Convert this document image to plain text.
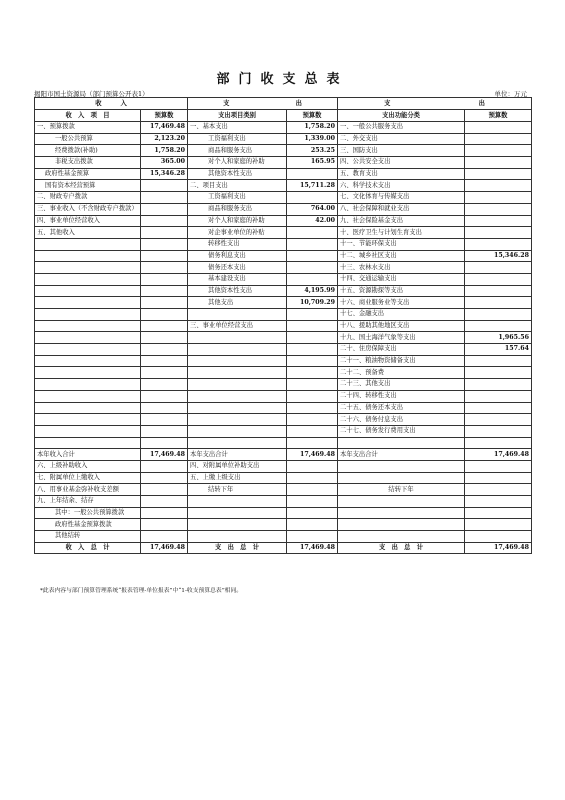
部门收支总表
揭阳市国土资源局（部门预算公开表1）	单位：万元
收　　　入		支 出		支 出	

收　入　项　目	预算数	支出项目类别	预算数	支出功能分类	预算数
一、预算拨款	17,469.48	一、基本支出	1,758.20	一、一般公共服务支出	
一般公共预算	2,123.20	工资福利支出	1,339.00	二、外交支出	
经费拨款(补助)	1,758.20	商品和服务支出	253.25	三、国防支出	
非税支出拨款	365.00	对个人和家庭的补助	165.95	四、公共安全支出	
政府性基金预算	15,346.28	其他资本性支出		五、教育支出	
国有资本经营预算		二、项目支出	15,711.28	六、科学技术支出	
二、财政专户拨款		工资福利支出		七、文化体育与传媒支出	
三、事业收入（不含财政专户拨款）		商品和服务支出	764.00	八、社会保障和就业支出	
四、事业单位经营收入		对个人和家庭的补助	42.00	九、社会保险基金支出	
五、其他收入		对企事业单位的补贴		十、医疗卫生与计划生育支出	
		转移性支出		十一、节能环保支出	
		债务利息支出		十二、城乡社区支出	15,346.28
		债务还本支出		十三、农林水支出	
		基本建设支出		十四、交通运输支出	
		其他资本性支出	4,195.99	十五、资源勘探等支出	
		其他支出	10,709.29	十六、商业服务业等支出	
				十七、金融支出	
		三、事业单位经营支出		十八、援助其他地区支出	
				十九、国土海洋气象等支出	1,965.56
				二十、住房保障支出	157.64
				二十一、粮油物资储备支出	
				二十二、预备费	
				二十三、其他支出	
				二十四、转移性支出	
				二十五、债务还本支出	
				二十六、债务付息支出	
				二十七、债务发行费用支出	

本年收入合计	17,469.48	本年支出合计	17,469.48	本年支出合计	17,469.48
六、上级补助收入		四、对附属单位补助支出			
七、附属单位上缴收入		五、上缴上级支出			
八、用事业基金弥补收支差额		结转下年		结转下年	
九、上年结余、结存					
其中：一般公共预算拨款					
政府性基金预算拨款					
其他结转					
收　入　总　计	17,469.48	支　出　总　计	17,469.48	支　出　总　计	17,469.48
*此表内容与部门预算管理系统“报表管理-单位报表”中“1-收支预算总表”相同。
